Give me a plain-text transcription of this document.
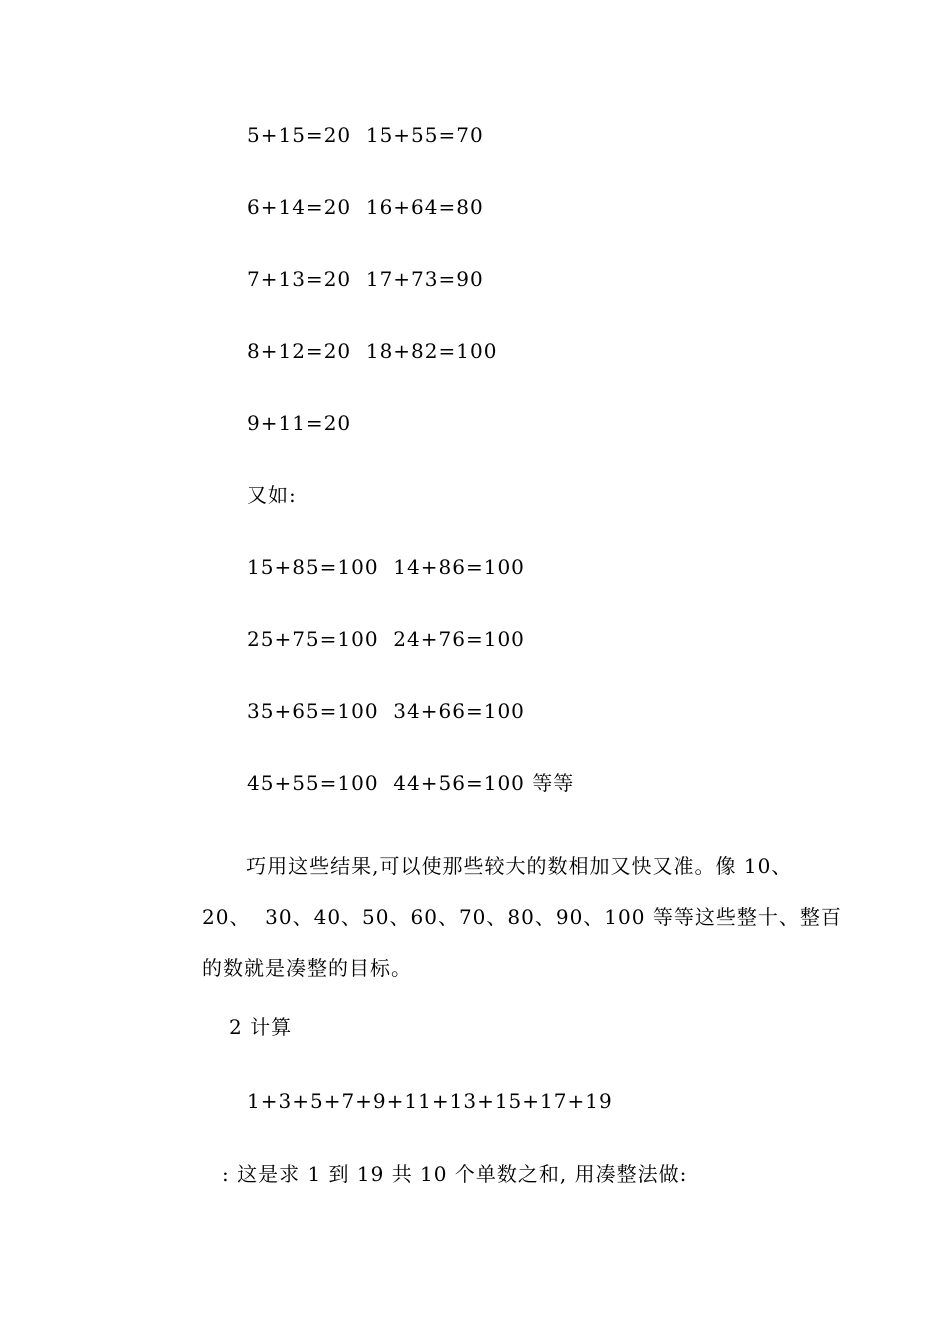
5+15=20  15+55=70
6+14=20  16+64=80
7+13=20  17+73=90
8+12=20  18+82=100
9+11=20
又如:
15+85=100  14+86=100
25+75=100  24+76=100
35+65=100  34+66=100
45+55=100  44+56=100 等等
巧用这些结果,可以使那些较大的数相加又快又准。像 10、
20、  30、40、50、60、70、80、90、100 等等这些整十、整百
的数就是凑整的目标。
2 计算
1+3+5+7+9+11+13+15+17+19
: 这是求 1 到 19 共 10 个单数之和, 用凑整法做:
